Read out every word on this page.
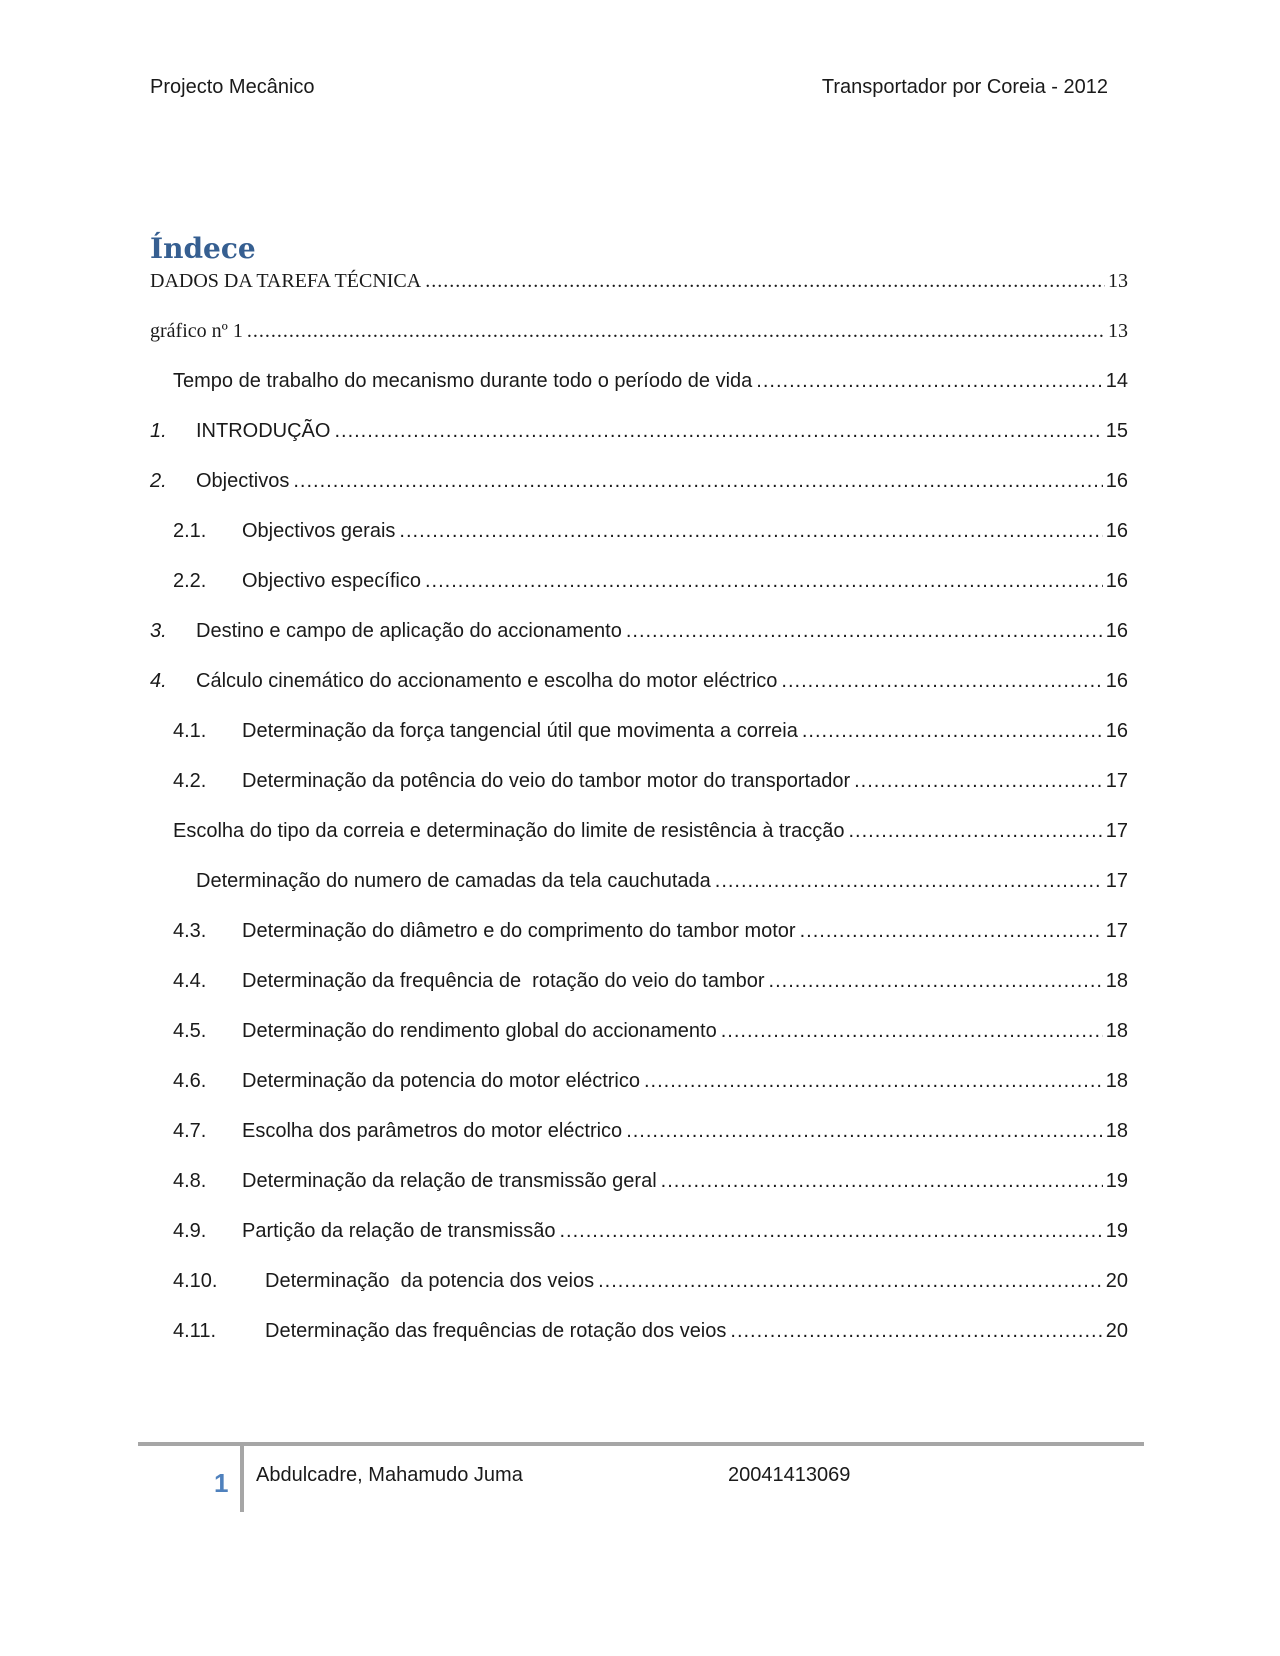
Projecto Mecânico	Transportador por Coreia - 2012
Índece
DADOS DA TAREFA TÉCNICA .....	13
gráfico nº 1 .....	13
Tempo de trabalho do mecanismo durante todo o período de vida .....	14
1.	INTRODUÇÃO .....	15
2.	Objectivos .....	16
2.1.	Objectivos gerais .....	16
2.2.	Objectivo específico .....	16
3.	Destino e campo de aplicação do accionamento .....	16
4.	Cálculo cinemático do accionamento e escolha do motor eléctrico .....	16
4.1.	Determinação da força tangencial útil que movimenta a correia .....	16
4.2.	Determinação da potência do veio do tambor motor do transportador .....	17
Escolha do tipo da correia e determinação do limite de resistência à tracção .....	17
Determinação do numero de camadas da tela cauchutada .....	17
4.3.	Determinação do diâmetro e do comprimento do tambor motor .....	17
4.4.	Determinação da frequência de  rotação do veio do tambor .....	18
4.5.	Determinação do rendimento global do accionamento .....	18
4.6.	Determinação da potencia do motor eléctrico .....	18
4.7.	Escolha dos parâmetros do motor eléctrico .....	18
4.8.	Determinação da relação de transmissão geral .....	19
4.9.	Partição da relação de transmissão .....	19
4.10.	Determinação  da potencia dos veios .....	20
4.11.	Determinação das frequências de rotação dos veios .....	20
1 Abdulcadre, Mahamudo Juma	20041413069
